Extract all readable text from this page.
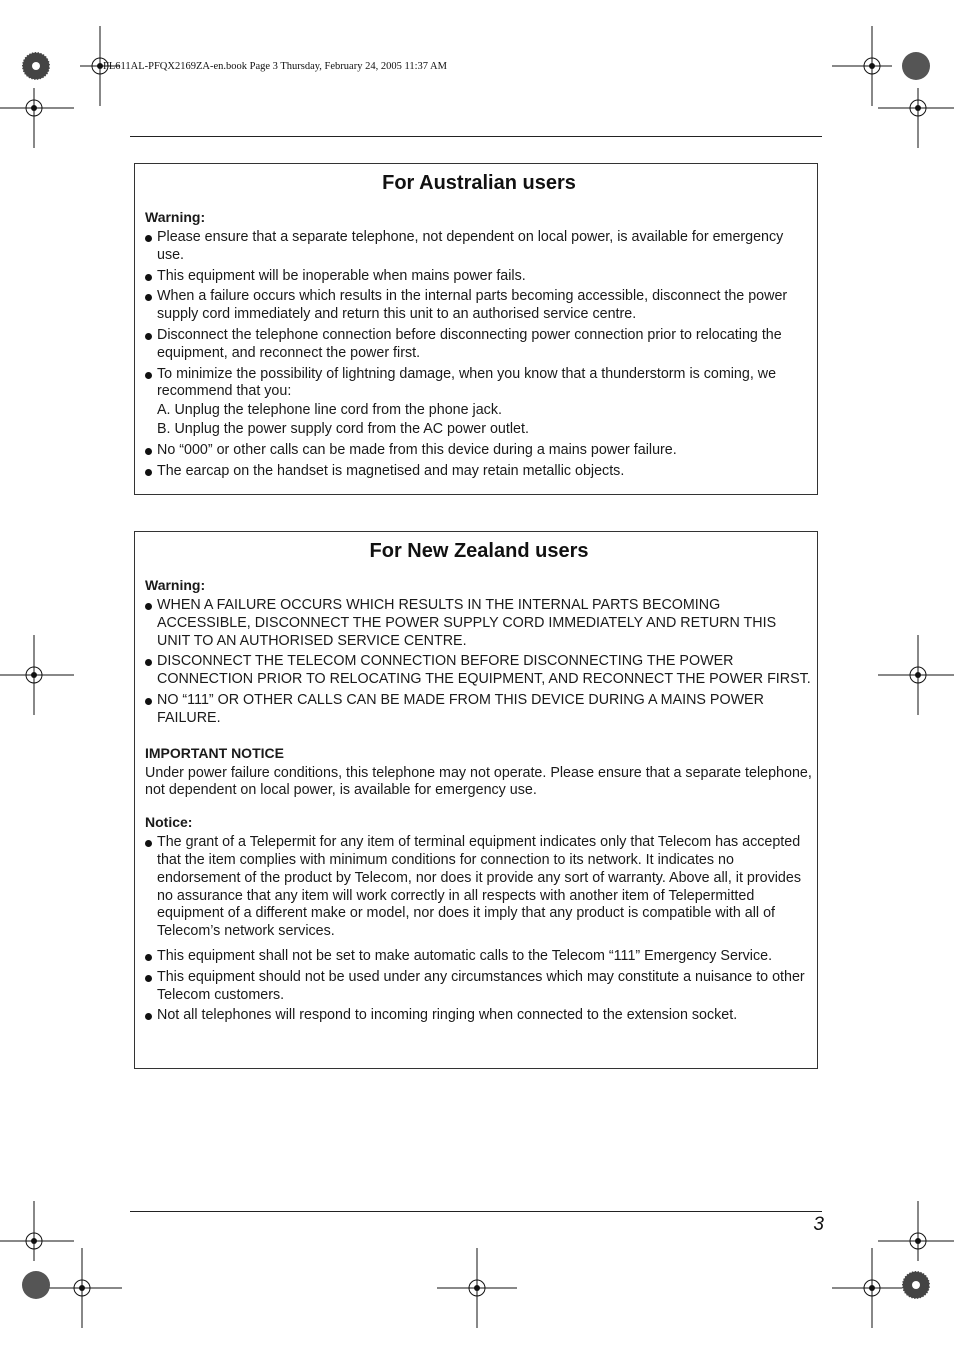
FL611AL-PFQX2169ZA-en.book Page 3 Thursday, February 24, 2005 11:37 AM
For Australian users
Warning:
Please ensure that a separate telephone, not dependent on local power, is available for emergency use.
This equipment will be inoperable when mains power fails.
When a failure occurs which results in the internal parts becoming accessible, disconnect the power supply cord immediately and return this unit to an authorised service centre.
Disconnect the telephone connection before disconnecting power connection prior to relocating the equipment, and reconnect the power first.
To minimize the possibility of lightning damage, when you know that a thunderstorm is coming, we recommend that you:
A. Unplug the telephone line cord from the phone jack.
B. Unplug the power supply cord from the AC power outlet.
No “000” or other calls can be made from this device during a mains power failure.
The earcap on the handset is magnetised and may retain metallic objects.
For New Zealand users
Warning:
WHEN A FAILURE OCCURS WHICH RESULTS IN THE INTERNAL PARTS BECOMING ACCESSIBLE, DISCONNECT THE POWER SUPPLY CORD IMMEDIATELY AND RETURN THIS UNIT TO AN AUTHORISED SERVICE CENTRE.
DISCONNECT THE TELECOM CONNECTION BEFORE DISCONNECTING THE POWER CONNECTION PRIOR TO RELOCATING THE EQUIPMENT, AND RECONNECT THE POWER FIRST.
NO “111” OR OTHER CALLS CAN BE MADE FROM THIS DEVICE DURING A MAINS POWER FAILURE.
IMPORTANT NOTICE

Under power failure conditions, this telephone may not operate. Please ensure that a separate telephone, not dependent on local power, is available for emergency use.

Notice:
The grant of a Telepermit for any item of terminal equipment indicates only that Telecom has accepted that the item complies with minimum conditions for connection to its network. It indicates no endorsement of the product by Telecom, nor does it provide any sort of warranty. Above all, it provides no assurance that any item will work correctly in all respects with another item of Telepermitted equipment of a different make or model, nor does it imply that any product is compatible with all of Telecom’s network services.
This equipment shall not be set to make automatic calls to the Telecom “111” Emergency Service.
This equipment should not be used under any circumstances which may constitute a nuisance to other Telecom customers.
Not all telephones will respond to incoming ringing when connected to the extension socket.
3
